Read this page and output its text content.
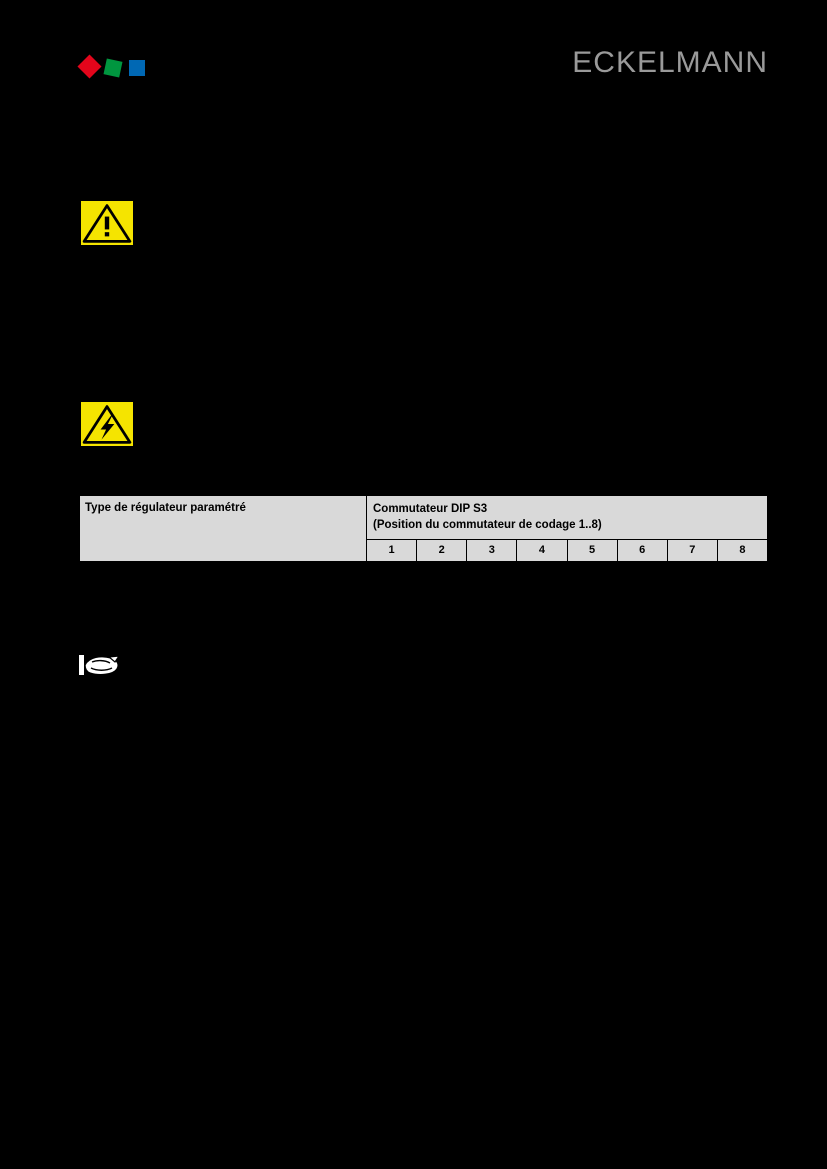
ECKELMANN
Type de régulateur paramétré	Commutateur DIP S3
(Position du commutateur de codage 1..8)							

	1	2	3	4	5	6	7	8
